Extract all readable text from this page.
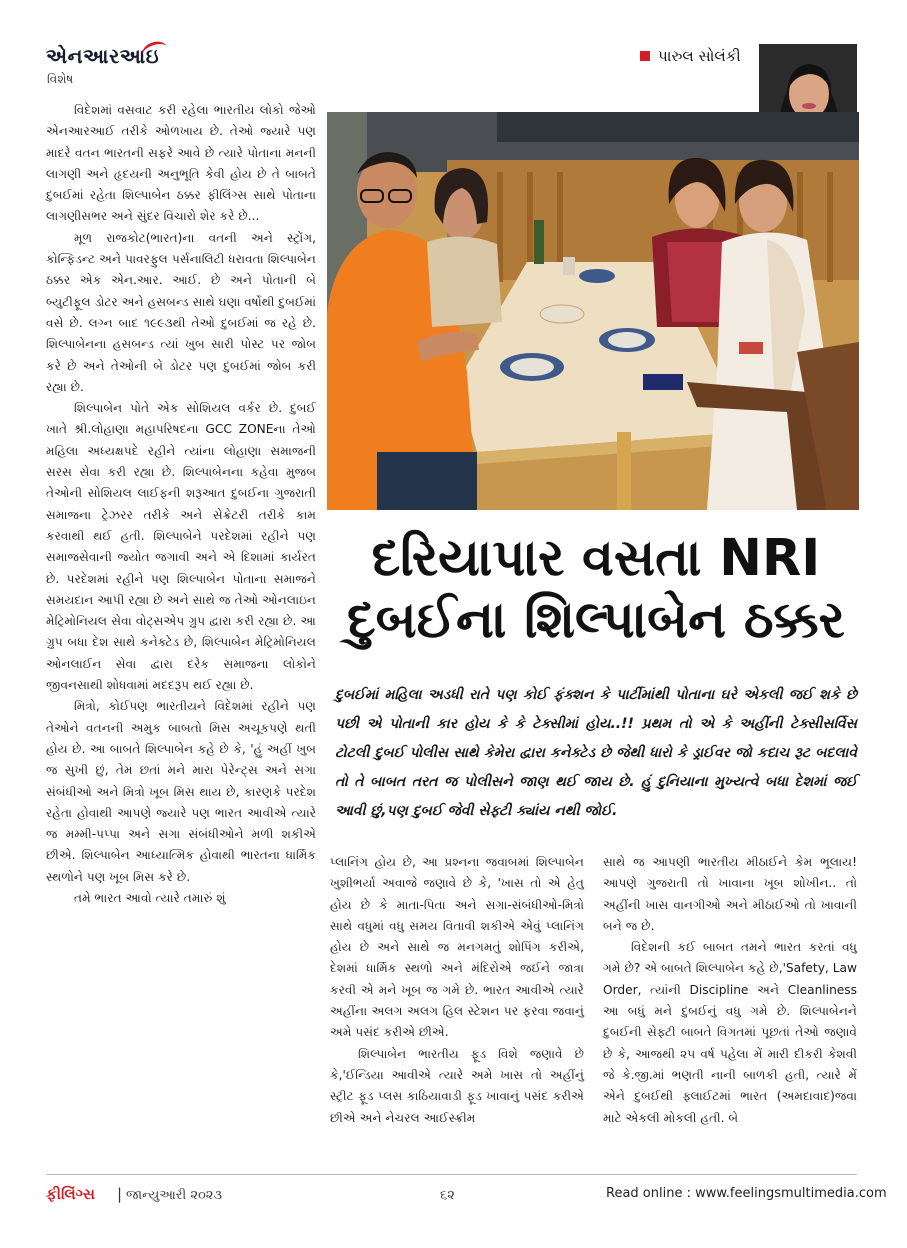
એનઆરઆઇ
વિશેષ
પારુલ સોલંકી

વિદેશમાં વસવાટ કરી રહેલા ભારતીય લોકો જેઓ એનઆરઆઈ તરીકે ઓળખાય છે. તેઓ જ્યારે પણ માદરે વતન ભારતની સફરે આવે છે ત્યારે પોતાના મનની લાગણી અને હૃદયની અનુભૂતિ કેવી હોય છે તે બાબતે દુબઈમાં રહેતા શિલ્પાબેન ઠક્કર ફીલિંગ્સ સાથે પોતાના લાગણીસભર અને સુંદર વિચારો શેર કરે છે...

મૂળ રાજકોટ(ભારત)ના વતની અને સ્ટ્રોંગ, કોન્ફિડન્ટ અને પાવરફુલ પર્સનાલિટી ધરાવતા શિલ્પાબેન ઠક્કર એક એન.આર. આઈ. છે અને પોતાની બે બ્યુટીફૂલ ડોટર અને હસબન્ડ સાથે ઘણા વર્ષોથી દુબઈમાં વસે છે. લગ્ન બાદ ૧૯૯૩થી તેઓ દુબઈમાં જ રહે છે. શિલ્પાબેનના હસબન્ડ ત્યાં ખુબ સારી પોસ્ટ પર જોબ કરે છે અને તેઓની બે ડોટર પણ દુબઈમાં જોબ કરી રહ્યા છે.

શિલ્પાબેન પોતે એક સોશિયલ વર્કર છે. દુબઈ ખાતે શ્રી.લોહાણા મહાપરિષદના GCC ZONEના તેઓ મહિલા અધ્યક્ષપદે રહીને ત્યાંના લોહાણા સમાજની સરસ સેવા કરી રહ્યા છે. શિલ્પાબેનના કહેવા મુજબ તેઓની સોશિયલ લાઈફની શરૂઆત દુબઈના ગુજરાતી સમાજના ટ્રેઝરર તરીકે અને સેક્રેટરી તરીકે કામ કરવાથી થઈ હતી. શિલ્પાબેને પરદેશમાં રહીને પણ સમાજસેવાની જ્યોત જગાવી અને એ દિશામાં કાર્યરત છે. પરદેશમાં રહીને પણ શિલ્પાબેન પોતાના સમાજને સમયદાન આપી રહ્યા છે અને સાથે જ તેઓ ઓનલાઇન મેટ્રિમોનિયલ સેવા વોટ્સએપ ગ્રુપ દ્વારા કરી રહ્યા છે. આ ગ્રુપ બધા દેશ સાથે કનેક્ટેડ છે, શિલ્પાબેન મેટ્રિમોનિયલ ઓનલાઈન સેવા દ્વારા દરેક સમાજના લોકોને જીવનસાથી શોધવામાં મદદરૂપ થઈ રહ્યા છે.

મિત્રો, કોઈપણ ભારતીયને વિદેશમાં રહીને પણ તેઓને વતનની અમુક બાબતો મિસ અચૂકપણે થતી હોય છે. આ બાબતે શિલ્પાબેન કહે છે કે, 'હું અહીં ખુબ જ સુખી છું, તેમ છતાં મને મારા પેરેન્ટ્સ અને સગા સંબંધીઓ અને મિત્રો ખૂબ મિસ થાય છે, કારણકે પરદેશ રહેતા હોવાથી આપણે જ્યારે પણ ભારત આવીએ ત્યારે જ મમ્મી-પપ્પા અને સગા સંબંધીઓને મળી શકીએ છીએ. શિલ્પાબેન આધ્યાત્મિક હોવાથી ભારતના ધાર્મિક સ્થળોને પણ ખૂબ મિસ કરે છે.

તમે ભારત આવો ત્યારે તમારું શું

દરિયાપાર વસતા NRI
દુબઈના શિલ્પાબેન ઠક્કર
દુબઈમાં મહિલા અડધી રાતે પણ કોઈ ફંક્શન કે પાર્ટીમાંથી પોતાના ઘરે એકલી જઈ શકે છે પછી એ પોતાની કાર હોય કે કે ટેક્સીમાં હોય..!! પ્રથમ તો એ કે અહીંની ટેક્સીસર્વિસ ટોટલી દુબઈ પોલીસ સાથે કેમેરા દ્વારા કનેક્ટેડ છે જેથી ધારો કે ડ્રાઈવર જો કદાચ રૂટ બદલાવે તો તે બાબત તરત જ પોલીસને જાણ થઈ જાય છે. હું દુનિયાના મુખ્યત્વે બધા દેશમાં જઈ આવી છું,પણ દુબઈ જેવી સેફ્ટી ક્યાંય નથી જોઈ.

પ્લાનિંગ હોય છે, આ પ્રશ્નના જવાબમાં શિલ્પાબેન ખુશીભર્યા અવાજે જણાવે છે કે, 'ખાસ તો એ હેતુ હોય છે કે માતા-પિતા અને સગા-સંબંધીઓ-મિત્રો સાથે વધુમાં વધુ સમય વિતાવી શકીએ એવું પ્લાનિંગ હોય છે અને સાથે જ મનગમતું શોપિંગ કરીએ, દેશમાં ધાર્મિક સ્થળો અને મંદિરોએ જઈને જાત્રા કરવી એ મને ખૂબ જ ગમે છે. ભારત આવીએ ત્યારે અહીંના અલગ અલગ હિલ સ્ટેશન પર ફરવા જવાનું અમે પસંદ કરીએ છીએ.

શિલ્પાબેન ભારતીય ફૂડ વિશે જણાવે છે કે,'ઈન્ડિયા આવીએ ત્યારે અમે ખાસ તો અહીંનું સ્ટ્રીટ ફૂડ પ્લસ કાઠિયાવાડી ફૂડ ખાવાનું પસંદ કરીએ છીએ અને નેચરલ આઈસ્ક્રીમ

સાથે જ આપણી ભારતીય મીઠાઈને કેમ ભૂલાય! આપણે ગુજરાતી તો ખાવાના ખૂબ શોખીન.. તો અહીંની ખાસ વાનગીઓ અને મીઠાઈઓ તો ખાવાની બને જ છે.

વિદેશની કઈ બાબત તમને ભારત કરતાં વધુ ગમે છે? એ બાબતે શિલ્પાબેન કહે છે,'Safety, Law Order, ત્યાંની Discipline અને Cleanliness આ બધું મને દુબઈનું વધુ ગમે છે. શિલ્પાબેનને દુબઈની સેફ્ટી બાબતે વિગતમાં પૂછતાં તેઓ જણાવે છે કે, આજથી ૨૫ વર્ષ પહેલા મેં મારી દીકરી કેશવી જે કે.જી.માં ભણતી નાની બાળકી હતી, ત્યારે મેં એને દુબઈથી ફ્લાઈટમાં ભારત (અમદાવાદ)જવા માટે એકલી મોકલી હતી. બે

ફીલિંગ્સ | જાન્યુઆરી ૨૦૨૩	૬૨	Read online : www.feelingsmultimedia.com
